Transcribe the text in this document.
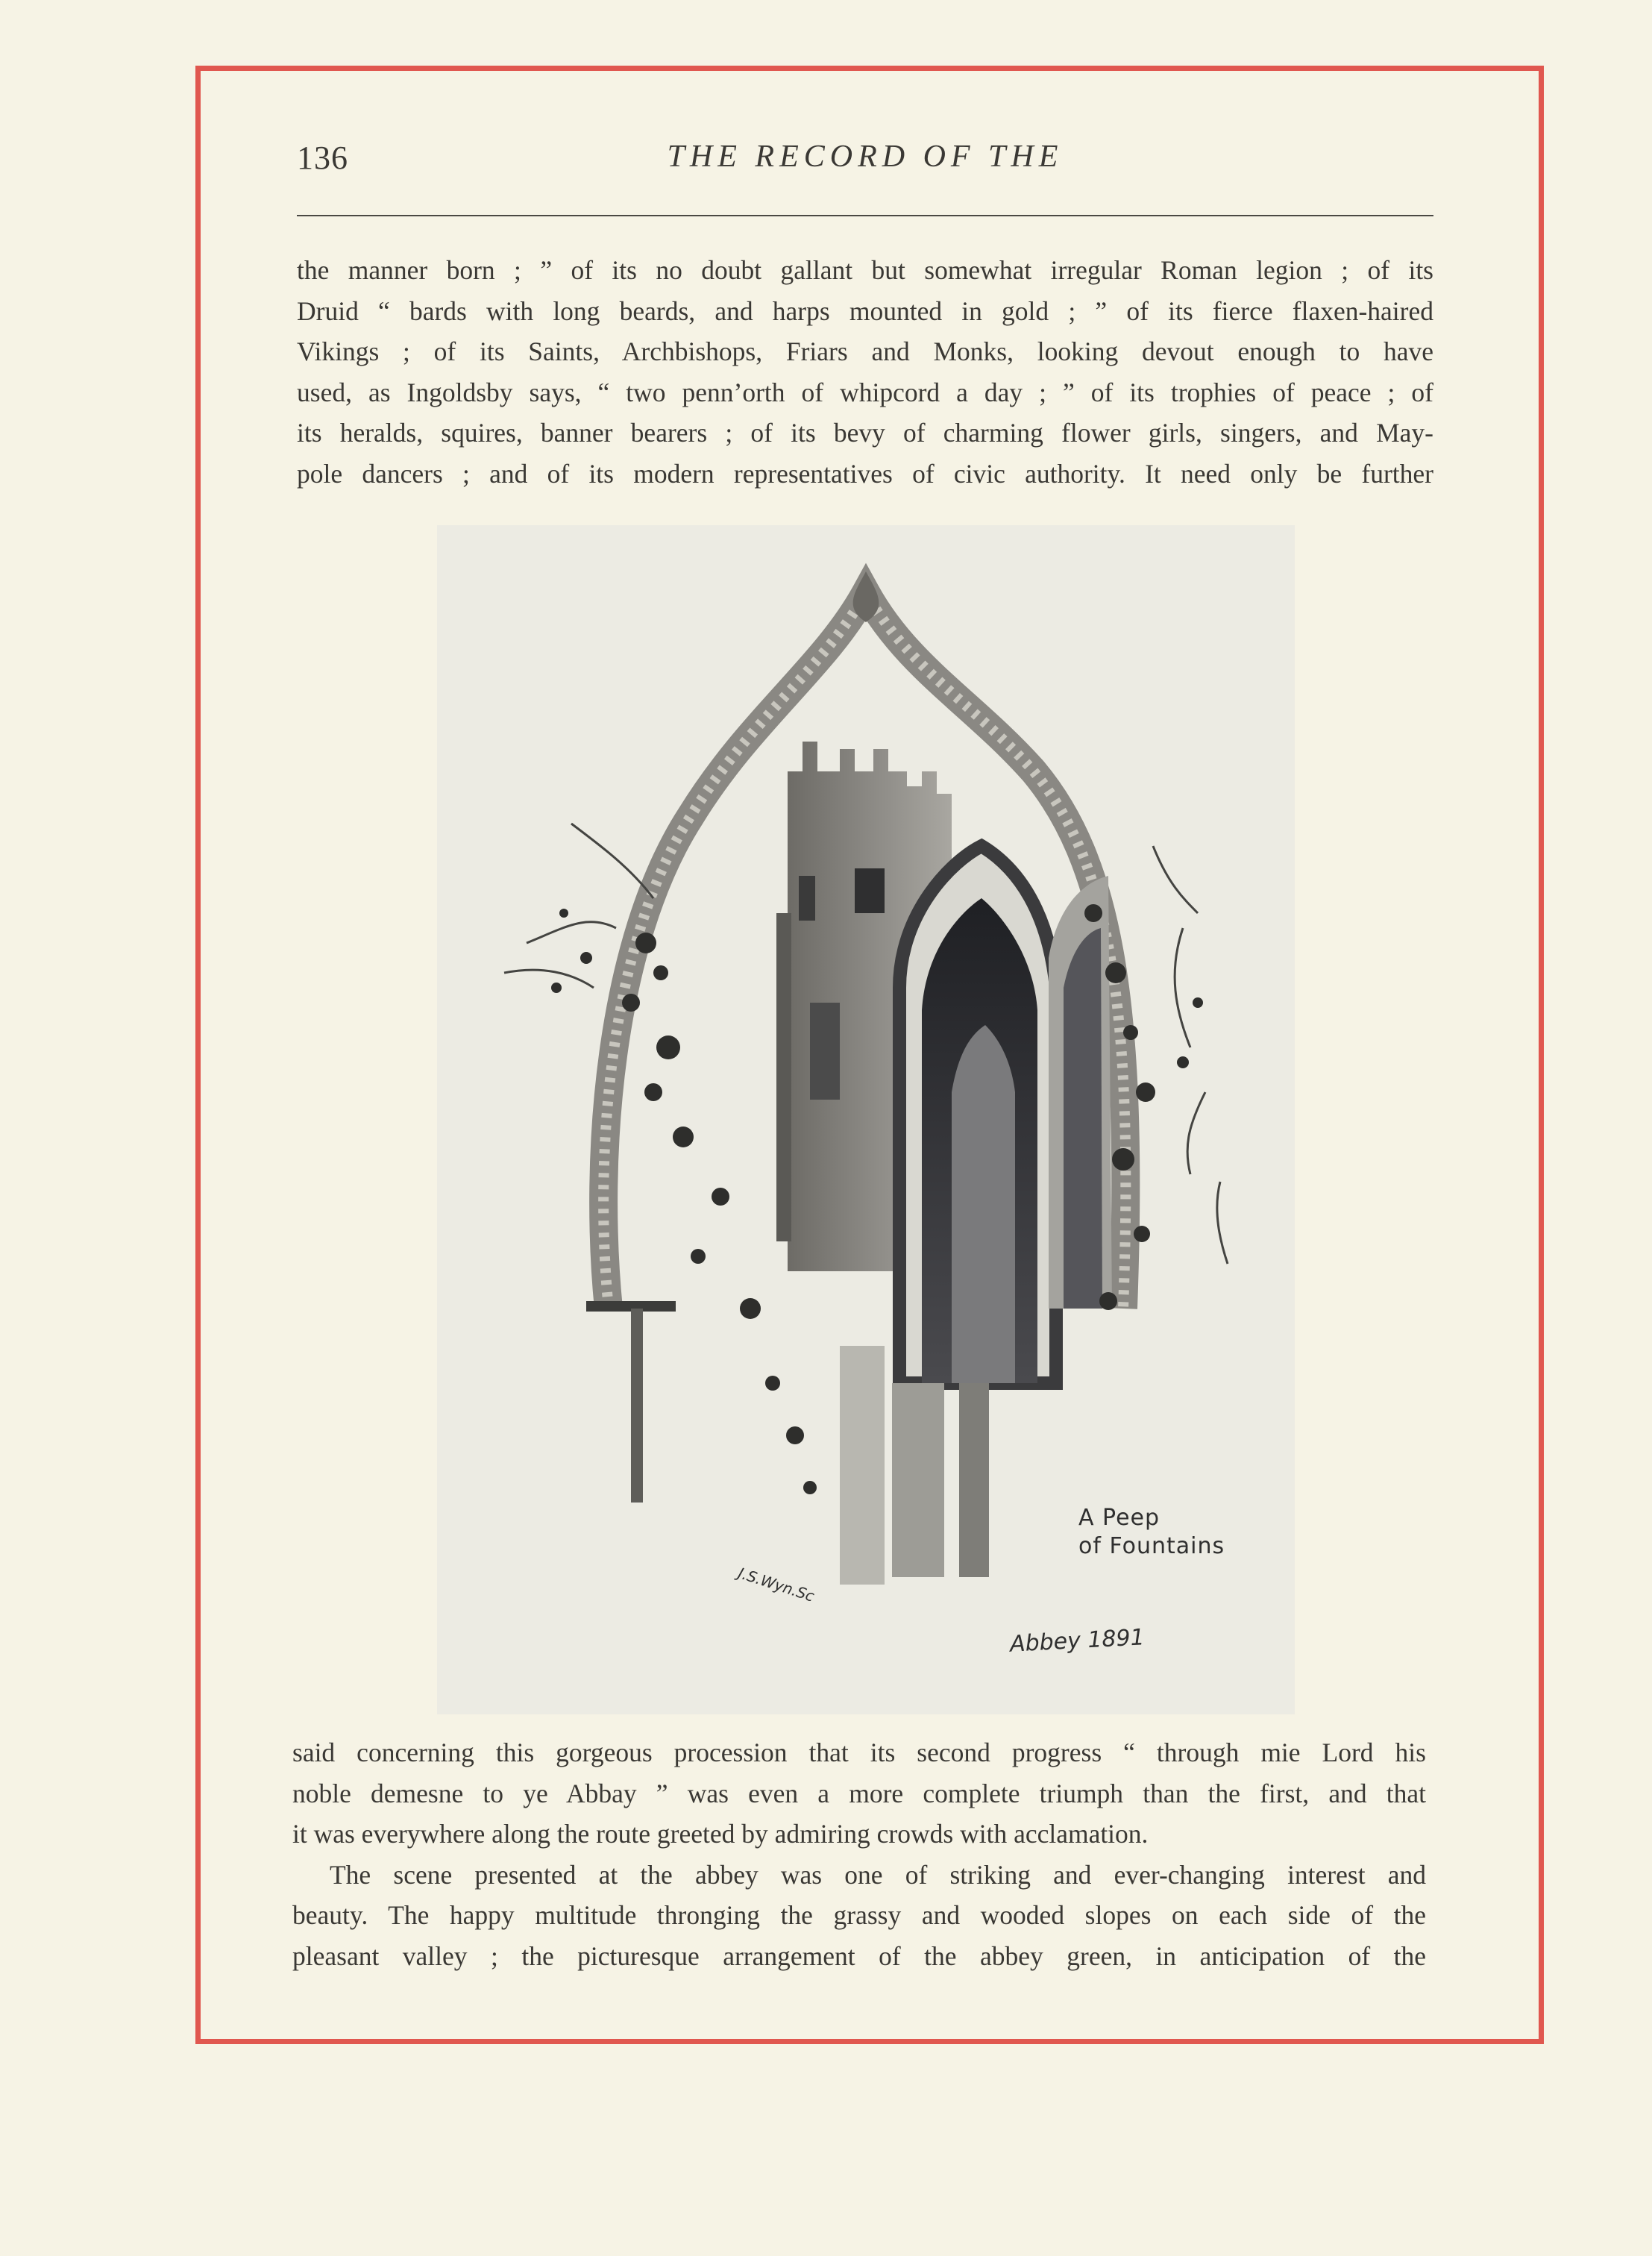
136	THE RECORD OF THE
the manner born ; ” of its no doubt gallant but somewhat irregular Roman legion ; of its
Druid “ bards with long beards, and harps mounted in gold ; ” of its fierce flaxen-haired
Vikings ; of its Saints, Archbishops, Friars and Monks, looking devout enough to have
used, as Ingoldsby says, “ two penn’orth of whipcord a day ; ” of its trophies of peace ; of
its heralds, squires, banner bearers ; of its bevy of charming flower girls, singers, and May-
pole dancers ; and of its modern representatives of civic authority. It need only be further
J.S.Wyn.Sc
A Peep
of Fountains
Abbey 1891
said concerning this gorgeous procession that its second progress “ through mie Lord his
noble demesne to ye Abbay ” was even a more complete triumph than the first, and that
it was everywhere along the route greeted by admiring crowds with acclamation.
The scene presented at the abbey was one of striking and ever-changing interest and
beauty. The happy multitude thronging the grassy and wooded slopes on each side of the
pleasant valley ; the picturesque arrangement of the abbey green, in anticipation of the
